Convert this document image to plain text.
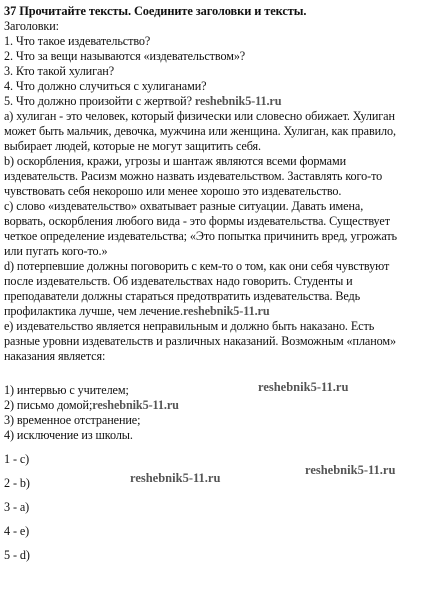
37 Прочитайте тексты. Соедините заголовки и тексты.
Заголовки:
1. Что такое издевательство?
2. Что за вещи называются «издевательством»?
3. Кто такой хулиган?
4. Что должно случиться с хулиганами?
5. Что должно произойти с жертвой? reshebnik5-11.ru
а) хулиган - это человек, который физически или словесно обижает. Хулиган
может быть мальчик, девочка, мужчина или женщина. Хулиган, как правило,
выбирает людей, которые не могут защитить себя.
b) оскорбления, кражи, угрозы и шантаж являются всеми формами
издевательств. Расизм можно назвать издевательством. Заставлять кого-то
чувствовать себя некорошо или менее хорошо это издевательство.
с) слово «издевательство» охватывает разные ситуации. Давать имена,
ворвать, оскорбления любого вида - это формы издевательства. Существует
четкое определение издевательства; «Это попытка причинить вред, угрожать
или пугать кого-то.»
d) потерпевшие должны поговорить с кем-то о том, как они себя чувствуют
после издевательств. Об издевательствах надо говорить. Студенты и
преподаватели должны стараться предотвратить издевательства. Ведь
профилактика лучше, чем лечение.reshebnik5-11.ru
е) издевательство является неправильным и должно быть наказано. Есть
разные уровни издевательств и различных наказаний. Возможным «планом»
наказания является:
1) интервью с учителем;
2) письмо домой;reshebnik5-11.ru
3) временное отстранение;
4) исключение из школы.
1 - с)
2 - b)
3 - а)
4 - е)
5 - d)
reshebnik5-11.ru
reshebnik5-11.ru
reshebnik5-11.ru
